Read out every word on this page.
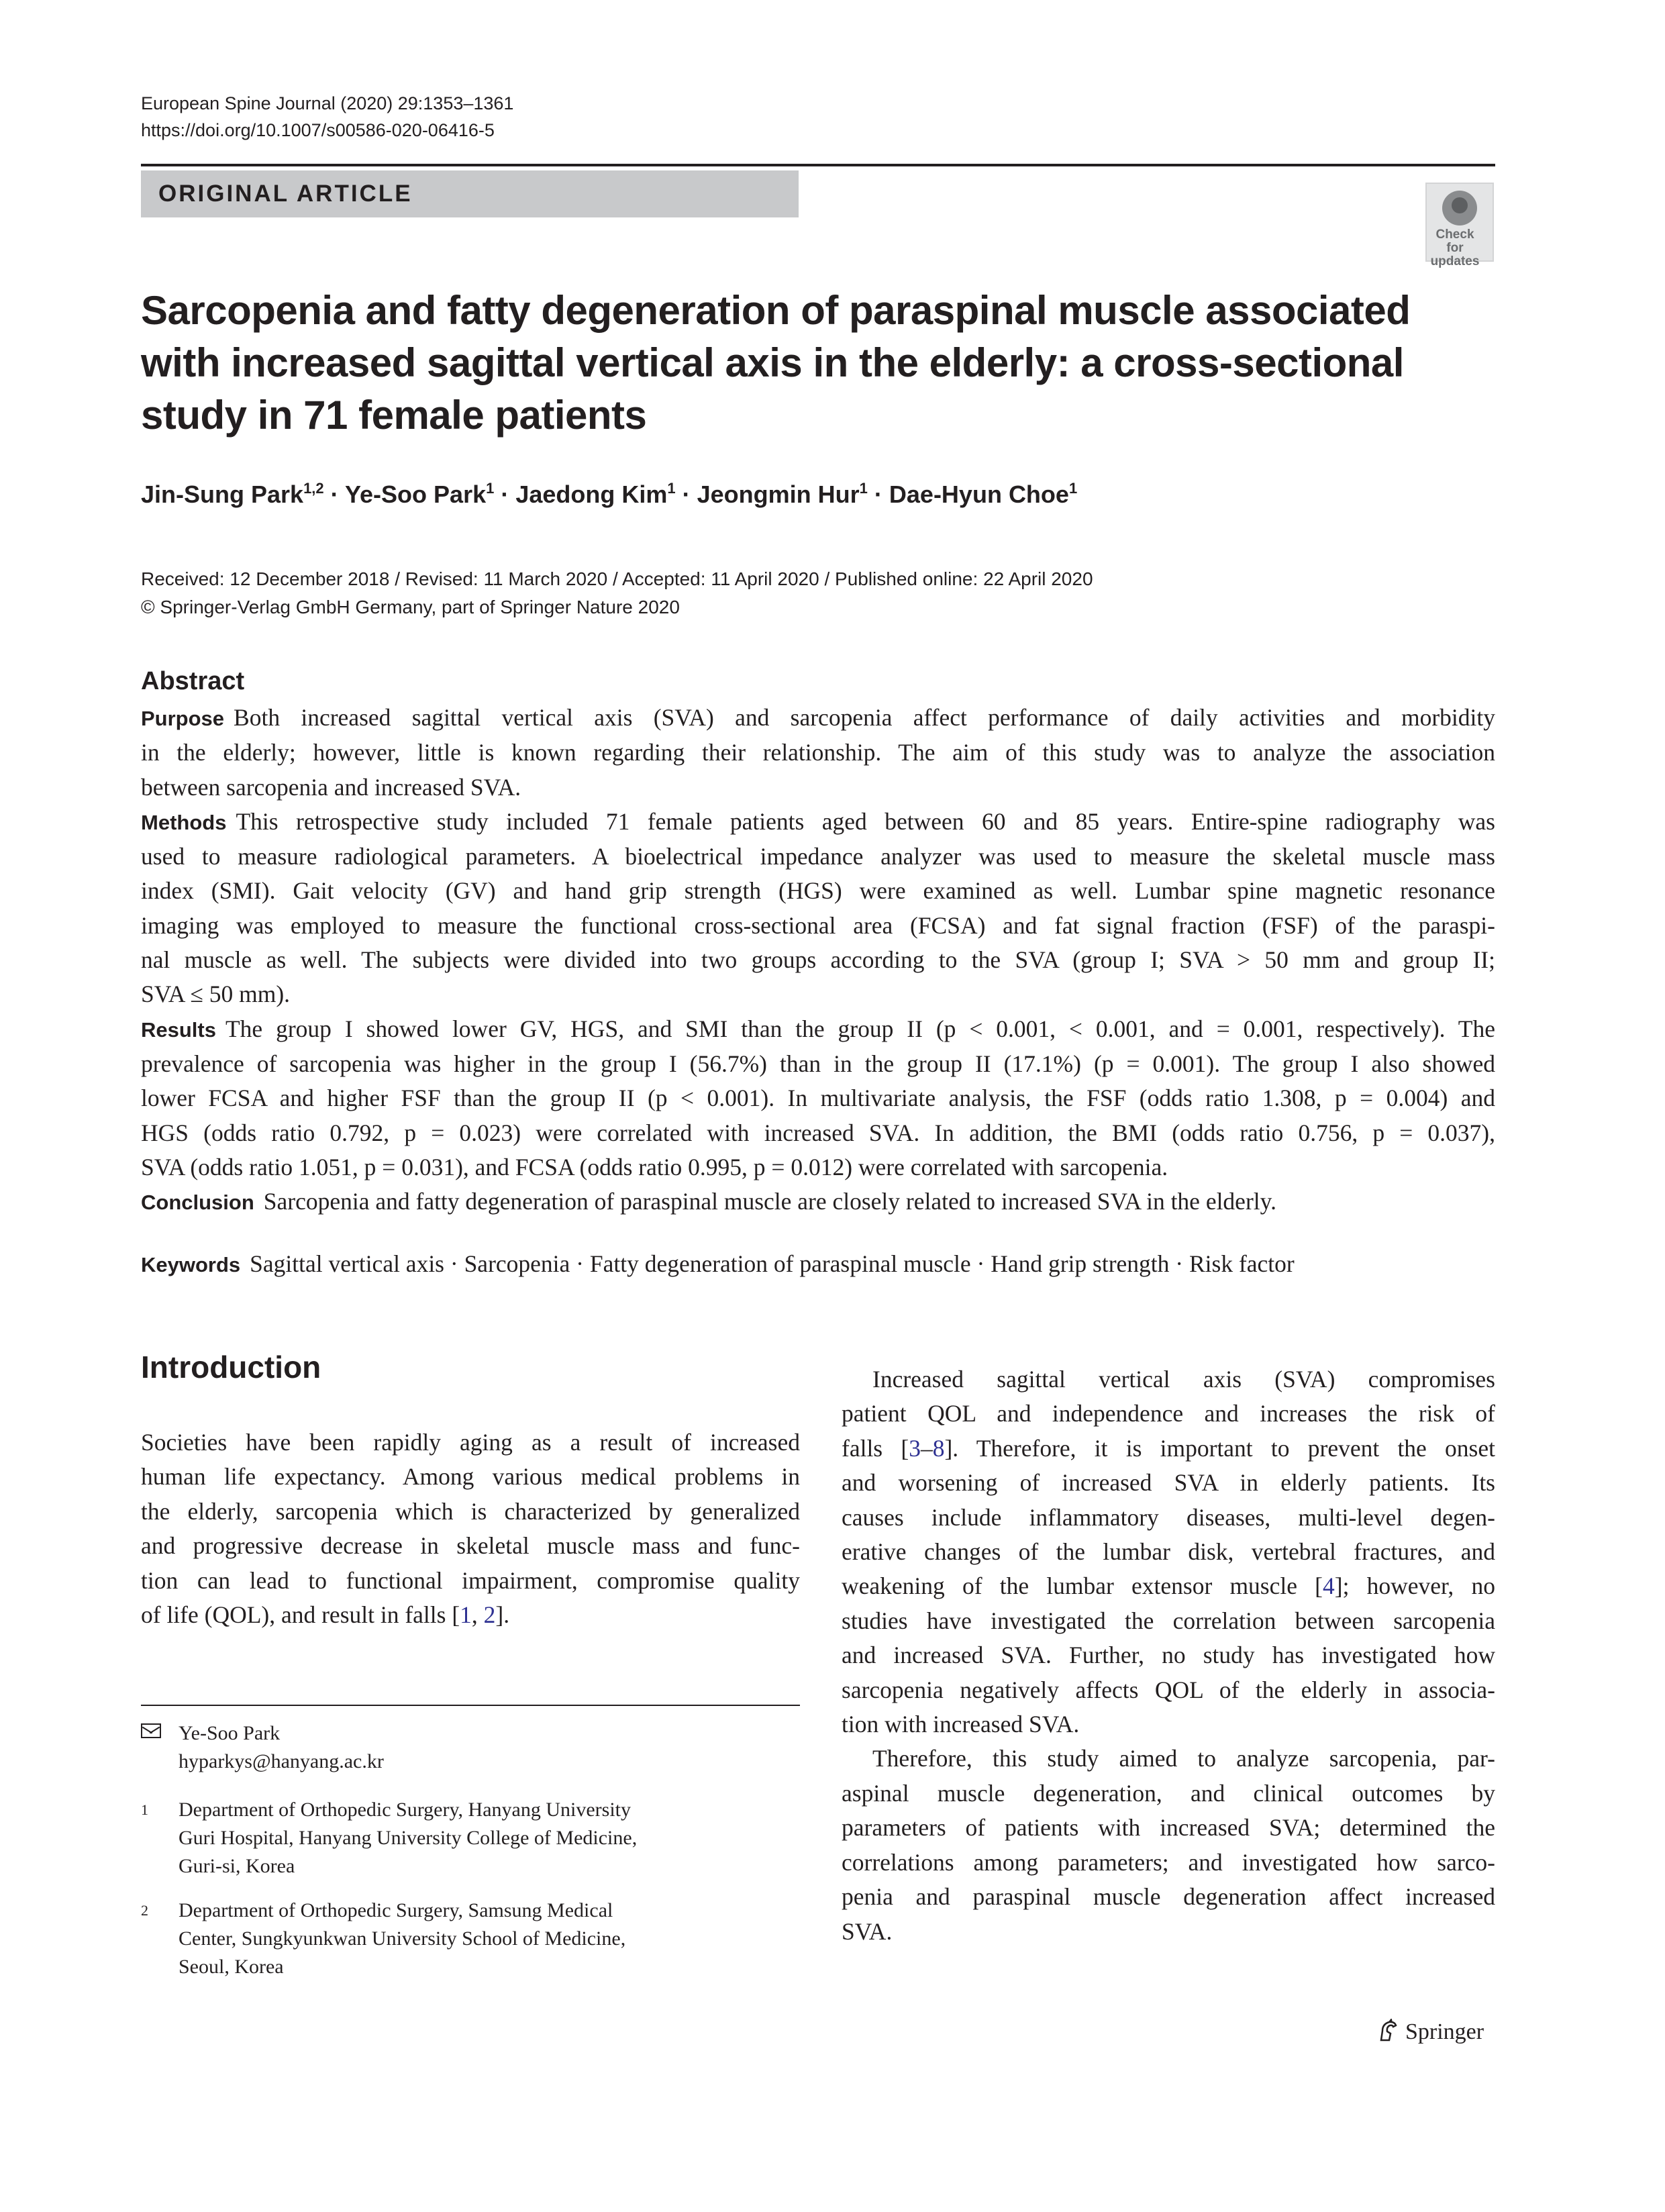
European Spine Journal (2020) 29:1353–1361
https://doi.org/10.1007/s00586-020-06416-5
ORIGINAL ARTICLE
Check for
updates
Sarcopenia and fatty degeneration of paraspinal muscle associated
with increased sagittal vertical axis in the elderly: a cross-sectional
study in 71 female patients
Jin-Sung Park$^{1,2}$ · Ye-Soo Park$^1$ · Jaedong Kim$^1$ · Jeongmin Hur$^1$ · Dae-Hyun Choe$^1$
Received: 12 December 2018 / Revised: 11 March 2020 / Accepted: 11 April 2020 / Published online: 22 April 2020
© Springer-Verlag GmbH Germany, part of Springer Nature 2020
Abstract
Purpose Both increased sagittal vertical axis (SVA) and sarcopenia affect performance of daily activities and morbidity
in the elderly; however, little is known regarding their relationship. The aim of this study was to analyze the association
between sarcopenia and increased SVA.
Methods This retrospective study included 71 female patients aged between 60 and 85 years. Entire-spine radiography was
used to measure radiological parameters. A bioelectrical impedance analyzer was used to measure the skeletal muscle mass
index (SMI). Gait velocity (GV) and hand grip strength (HGS) were examined as well. Lumbar spine magnetic resonance
imaging was employed to measure the functional cross-sectional area (FCSA) and fat signal fraction (FSF) of the paraspi-
nal muscle as well. The subjects were divided into two groups according to the SVA (group I; SVA > 50 mm and group II;
SVA ≤ 50 mm).
Results The group I showed lower GV, HGS, and SMI than the group II (p < 0.001, < 0.001, and = 0.001, respectively). The
prevalence of sarcopenia was higher in the group I (56.7%) than in the group II (17.1%) (p = 0.001). The group I also showed
lower FCSA and higher FSF than the group II (p < 0.001). In multivariate analysis, the FSF (odds ratio 1.308, p = 0.004) and
HGS (odds ratio 0.792, p = 0.023) were correlated with increased SVA. In addition, the BMI (odds ratio 0.756, p = 0.037),
SVA (odds ratio 1.051, p = 0.031), and FCSA (odds ratio 0.995, p = 0.012) were correlated with sarcopenia.
Conclusion Sarcopenia and fatty degeneration of paraspinal muscle are closely related to increased SVA in the elderly.
Keywords Sagittal vertical axis · Sarcopenia · Fatty degeneration of paraspinal muscle · Hand grip strength · Risk factor
Introduction
Societies have been rapidly aging as a result of increased
human life expectancy. Among various medical problems in
the elderly, sarcopenia which is characterized by generalized
and progressive decrease in skeletal muscle mass and func-
tion can lead to functional impairment, compromise quality
of life (QOL), and result in falls [1, 2].
Ye-Soo Park
hyparkys@hanyang.ac.kr
1 Department of Orthopedic Surgery, Hanyang University
Guri Hospital, Hanyang University College of Medicine,
Guri-si, Korea
2 Department of Orthopedic Surgery, Samsung Medical
Center, Sungkyunkwan University School of Medicine,
Seoul, Korea
Increased sagittal vertical axis (SVA) compromises
patient QOL and independence and increases the risk of
falls [3–8]. Therefore, it is important to prevent the onset
and worsening of increased SVA in elderly patients. Its
causes include inflammatory diseases, multi-level degen-
erative changes of the lumbar disk, vertebral fractures, and
weakening of the lumbar extensor muscle [4]; however, no
studies have investigated the correlation between sarcopenia
and increased SVA. Further, no study has investigated how
sarcopenia negatively affects QOL of the elderly in associa-
tion with increased SVA.
Therefore, this study aimed to analyze sarcopenia, par-
aspinal muscle degeneration, and clinical outcomes by
parameters of patients with increased SVA; determined the
correlations among parameters; and investigated how sarco-
penia and paraspinal muscle degeneration affect increased
SVA.
Springer
